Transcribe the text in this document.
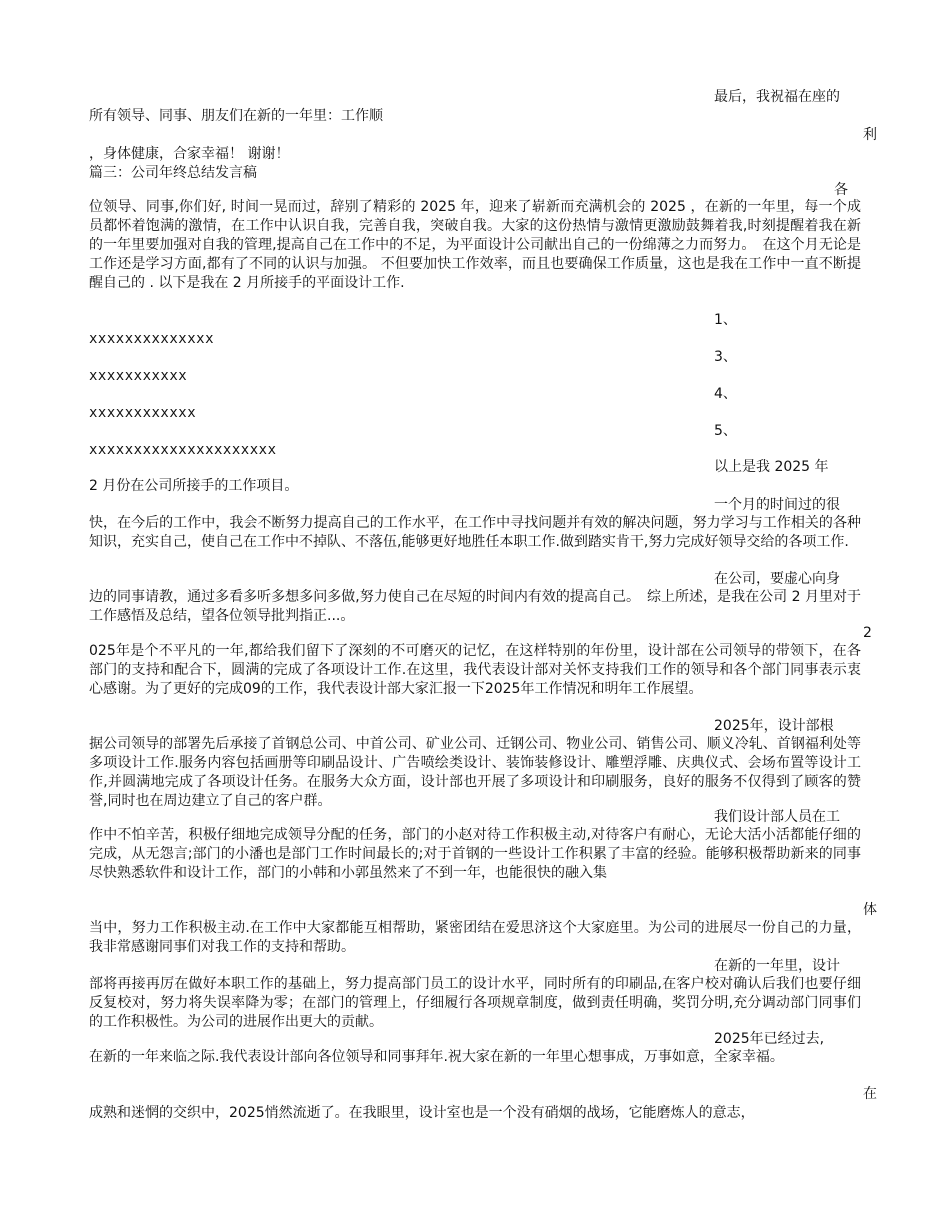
最后，我祝福在座的
所有领导、同事、朋友们在新的一年里：工作顺
利
，身体健康，合家幸福！ 谢谢！
篇三：公司年终总结发言稿
各
位领导、同事,你们好, 时间一晃而过，辞别了精彩的 2025 年，迎来了崭新而充满机会的 2025 ，在新的一年里，每一个成员都怀着饱满的激情，在工作中认识自我，完善自我，突破自我。大家的这份热情与激情更激励鼓舞着我,时刻提醒着我在新的一年里要加强对自我的管理,提高自己在工作中的不足，为平面设计公司献出自己的一份绵薄之力而努力。　在这个月无论是工作还是学习方面,都有了不同的认识与加强。 不但要加快工作效率，而且也要确保工作质量，这也是我在工作中一直不断提醒自己的 . 以下是我在 2 月所接手的平面设计工作.
1、
xxxxxxxxxxxxxx
3、
xxxxxxxxxxx
4、
xxxxxxxxxxxx
5、
xxxxxxxxxxxxxxxxxxxxx
以上是我 2025 年
2 月份在公司所接手的工作项目。
一个月的时间过的很
快，在今后的工作中，我会不断努力提高自己的工作水平，在工作中寻找问题并有效的解决问题，努力学习与工作相关的各种知识，充实自己，使自己在工作中不掉队、不落伍,能够更好地胜任本职工作.做到踏实肯干,努力完成好领导交给的各项工作.
在公司，要虚心向身
边的同事请教，通过多看多听多想多问多做,努力使自己在尽短的时间内有效的提高自己。　综上所述，是我在公司 2 月里对于工作感悟及总结，望各位领导批判指正...。
2
025年是个不平凡的一年,都给我们留下了深刻的不可磨灭的记忆，在这样特别的年份里，设计部在公司领导的带领下，在各部门的支持和配合下，圆满的完成了各项设计工作.在这里，我代表设计部对关怀支持我们工作的领导和各个部门同事表示衷心感谢。为了更好的完成09的工作，我代表设计部大家汇报一下2025年工作情况和明年工作展望。
2025年，设计部根
据公司领导的部署先后承接了首钢总公司、中首公司、矿业公司、迁钢公司、物业公司、销售公司、顺义冷轧、首钢福利处等多项设计工作.服务内容包括画册等印刷品设计、广告喷绘类设计、装饰装修设计、雕塑浮雕、庆典仪式、会场布置等设计工作,并圆满地完成了各项设计任务。在服务大众方面，设计部也开展了多项设计和印刷服务，良好的服务不仅得到了顾客的赞誉,同时也在周边建立了自己的客户群。
我们设计部人员在工
作中不怕辛苦，积极仔细地完成领导分配的任务，部门的小赵对待工作积极主动,对待客户有耐心，无论大活小活都能仔细的完成，从无怨言;部门的小潘也是部门工作时间最长的;对于首钢的一些设计工作积累了丰富的经验。能够积极帮助新来的同事尽快熟悉软件和设计工作，部门的小韩和小郭虽然来了不到一年，也能很快的融入集
体
当中，努力工作积极主动.在工作中大家都能互相帮助，紧密团结在爱思济这个大家庭里。为公司的进展尽一份自己的力量，我非常感谢同事们对我工作的支持和帮助。
在新的一年里，设计
部将再接再厉在做好本职工作的基础上，努力提高部门员工的设计水平，同时所有的印刷品,在客户校对确认后我们也要仔细反复校对，努力将失误率降为零；在部门的管理上，仔细履行各项规章制度，做到责任明确，奖罚分明,充分调动部门同事们的工作积极性。为公司的进展作出更大的贡献。
2025年已经过去,
在新的一年来临之际.我代表设计部向各位领导和同事拜年.祝大家在新的一年里心想事成，万事如意，全家幸福。
在
成熟和迷惘的交织中，2025悄然流逝了。在我眼里，设计室也是一个没有硝烟的战场，它能磨炼人的意志，
